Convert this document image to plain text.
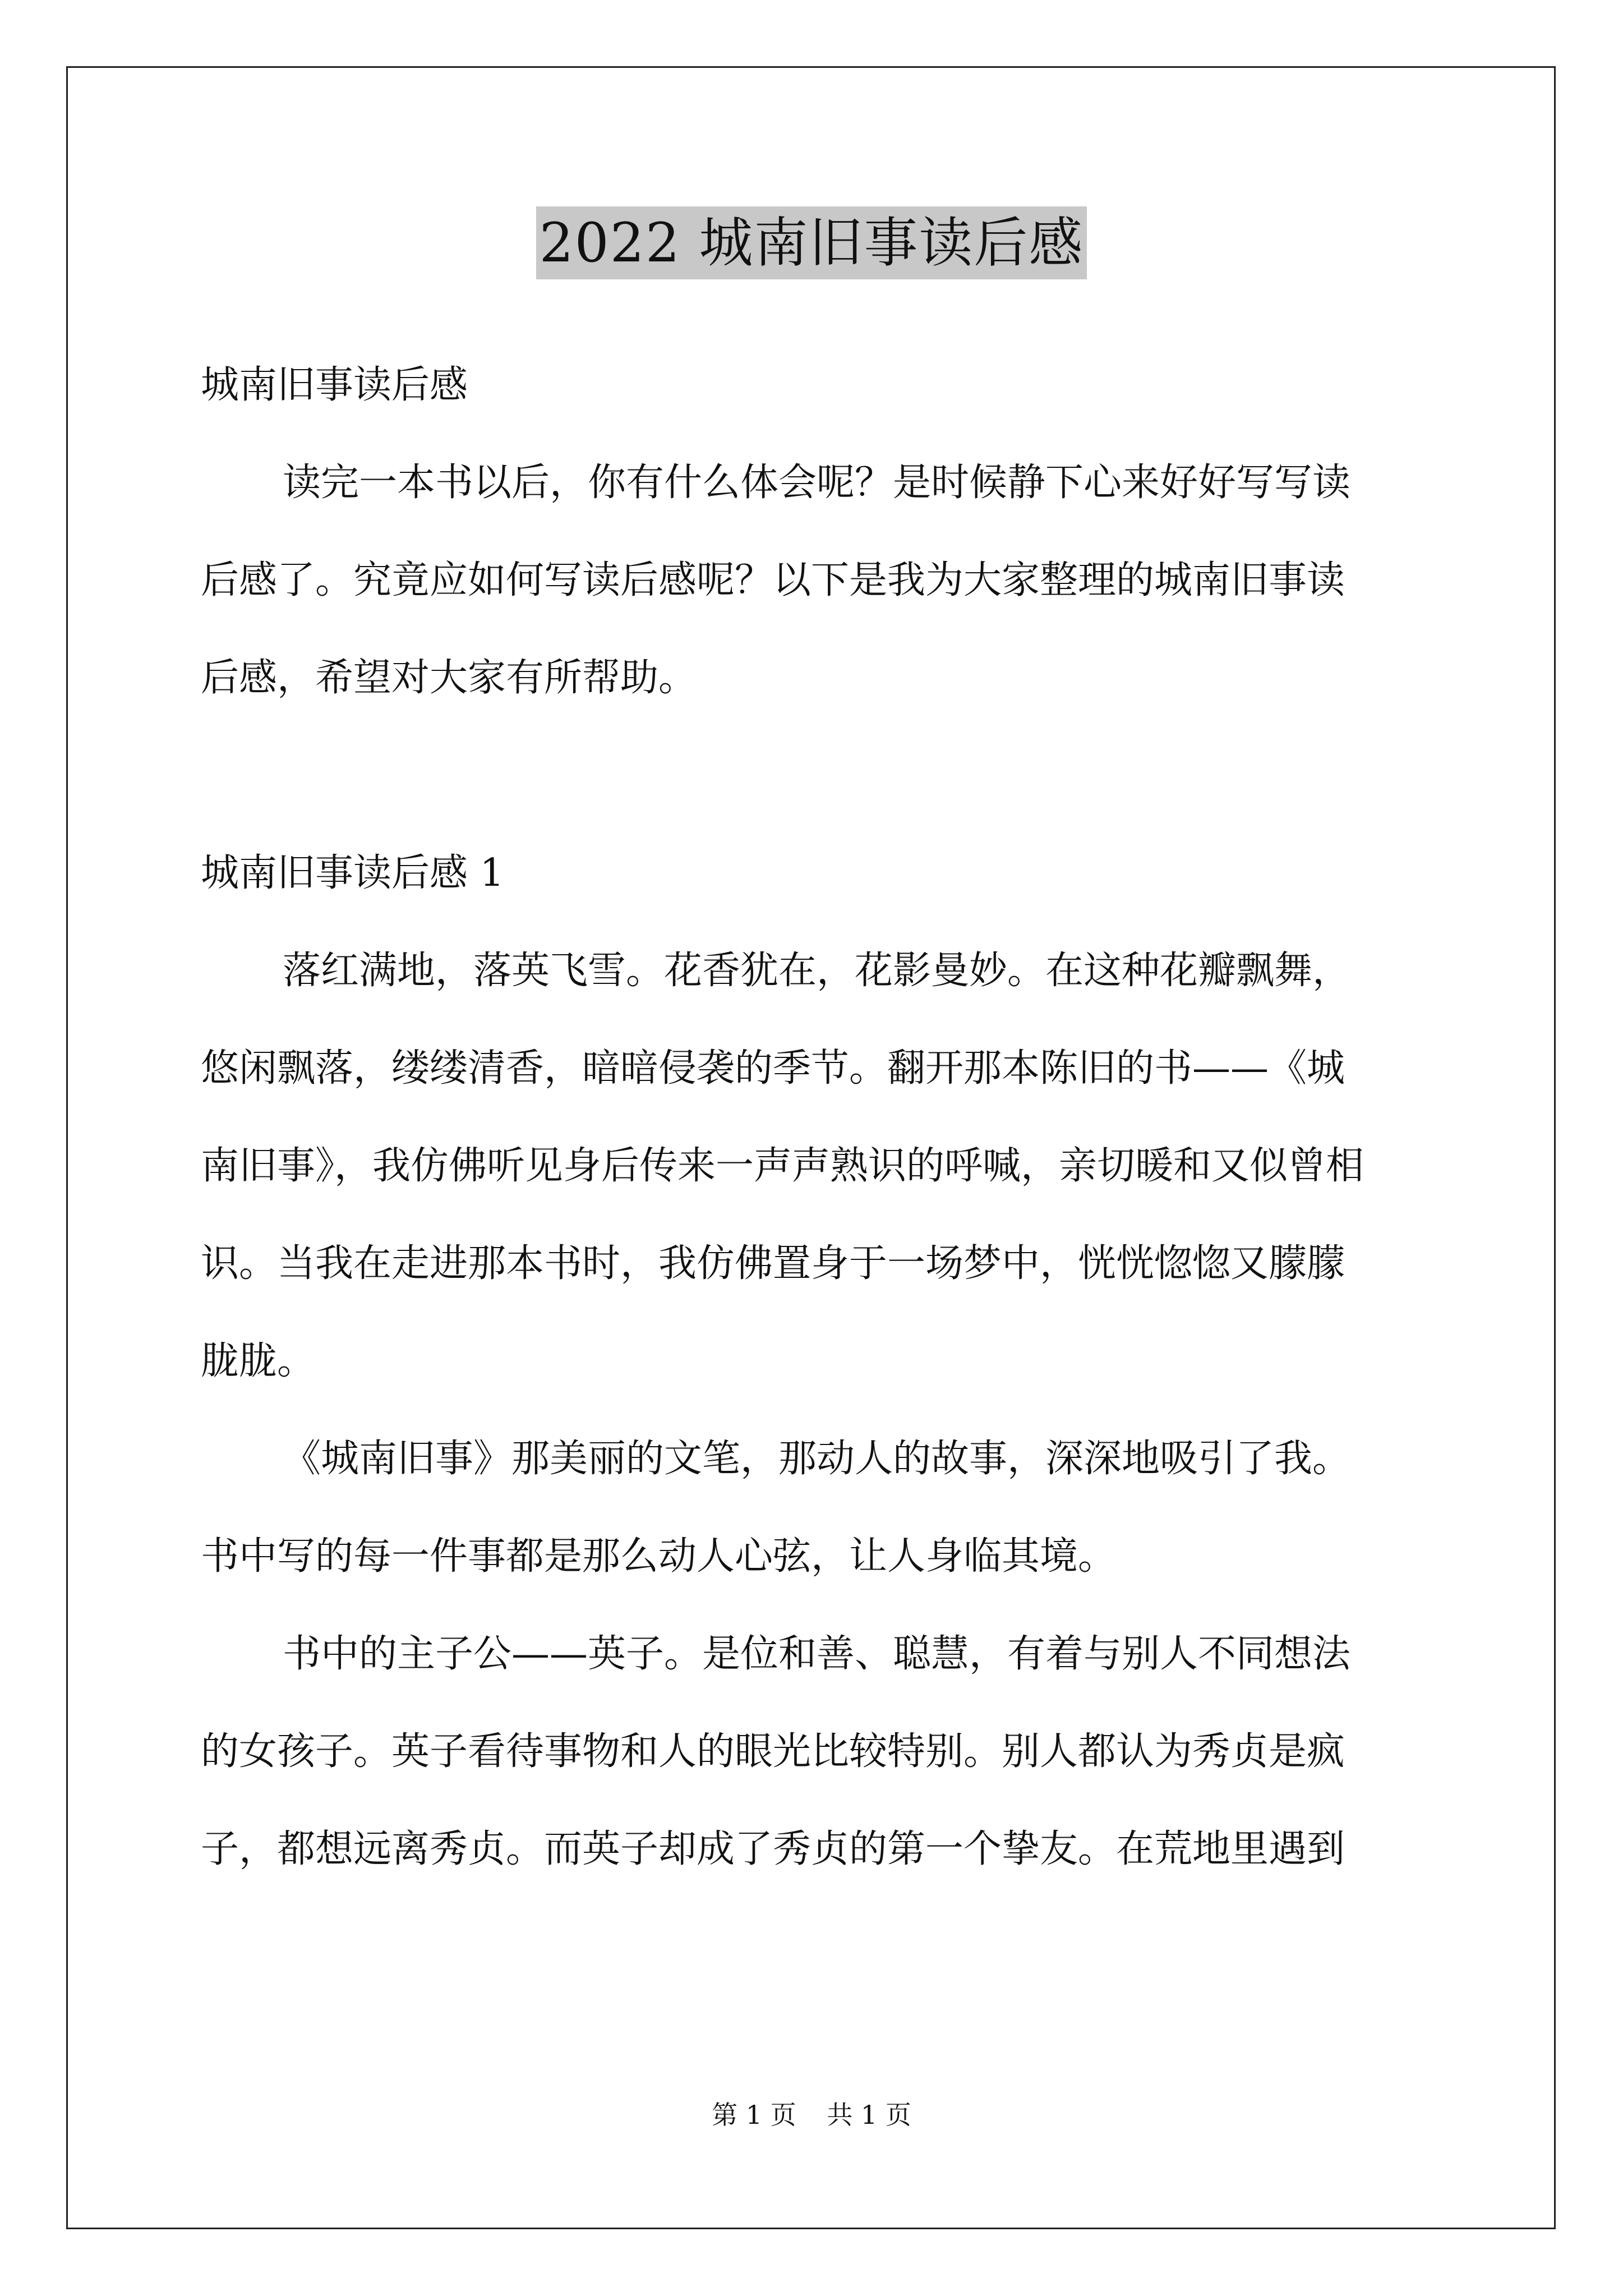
2022 城南旧事读后感

城南旧事读后感

读完一本书以后，你有什么体会呢？是时候静下心来好好写写读

后感了。究竟应如何写读后感呢？以下是我为大家整理的城南旧事读

后感，希望对大家有所帮助。

城南旧事读后感 1

落红满地，落英飞雪。花香犹在，花影曼妙。在这种花瓣飘舞，

悠闲飘落，缕缕清香，暗暗侵袭的季节。翻开那本陈旧的书——《城

南旧事》，我仿佛听见身后传来一声声熟识的呼喊，亲切暖和又似曾相

识。当我在走进那本书时，我仿佛置身于一场梦中，恍恍惚惚又朦朦

胧胧。

《城南旧事》那美丽的文笔，那动人的故事，深深地吸引了我。

书中写的每一件事都是那么动人心弦，让人身临其境。

书中的主子公——英子。是位和善、聪慧，有着与别人不同想法

的女孩子。英子看待事物和人的眼光比较特别。别人都认为秀贞是疯

子，都想远离秀贞。而英子却成了秀贞的第一个挚友。在荒地里遇到

第 1 页 共 1 页
